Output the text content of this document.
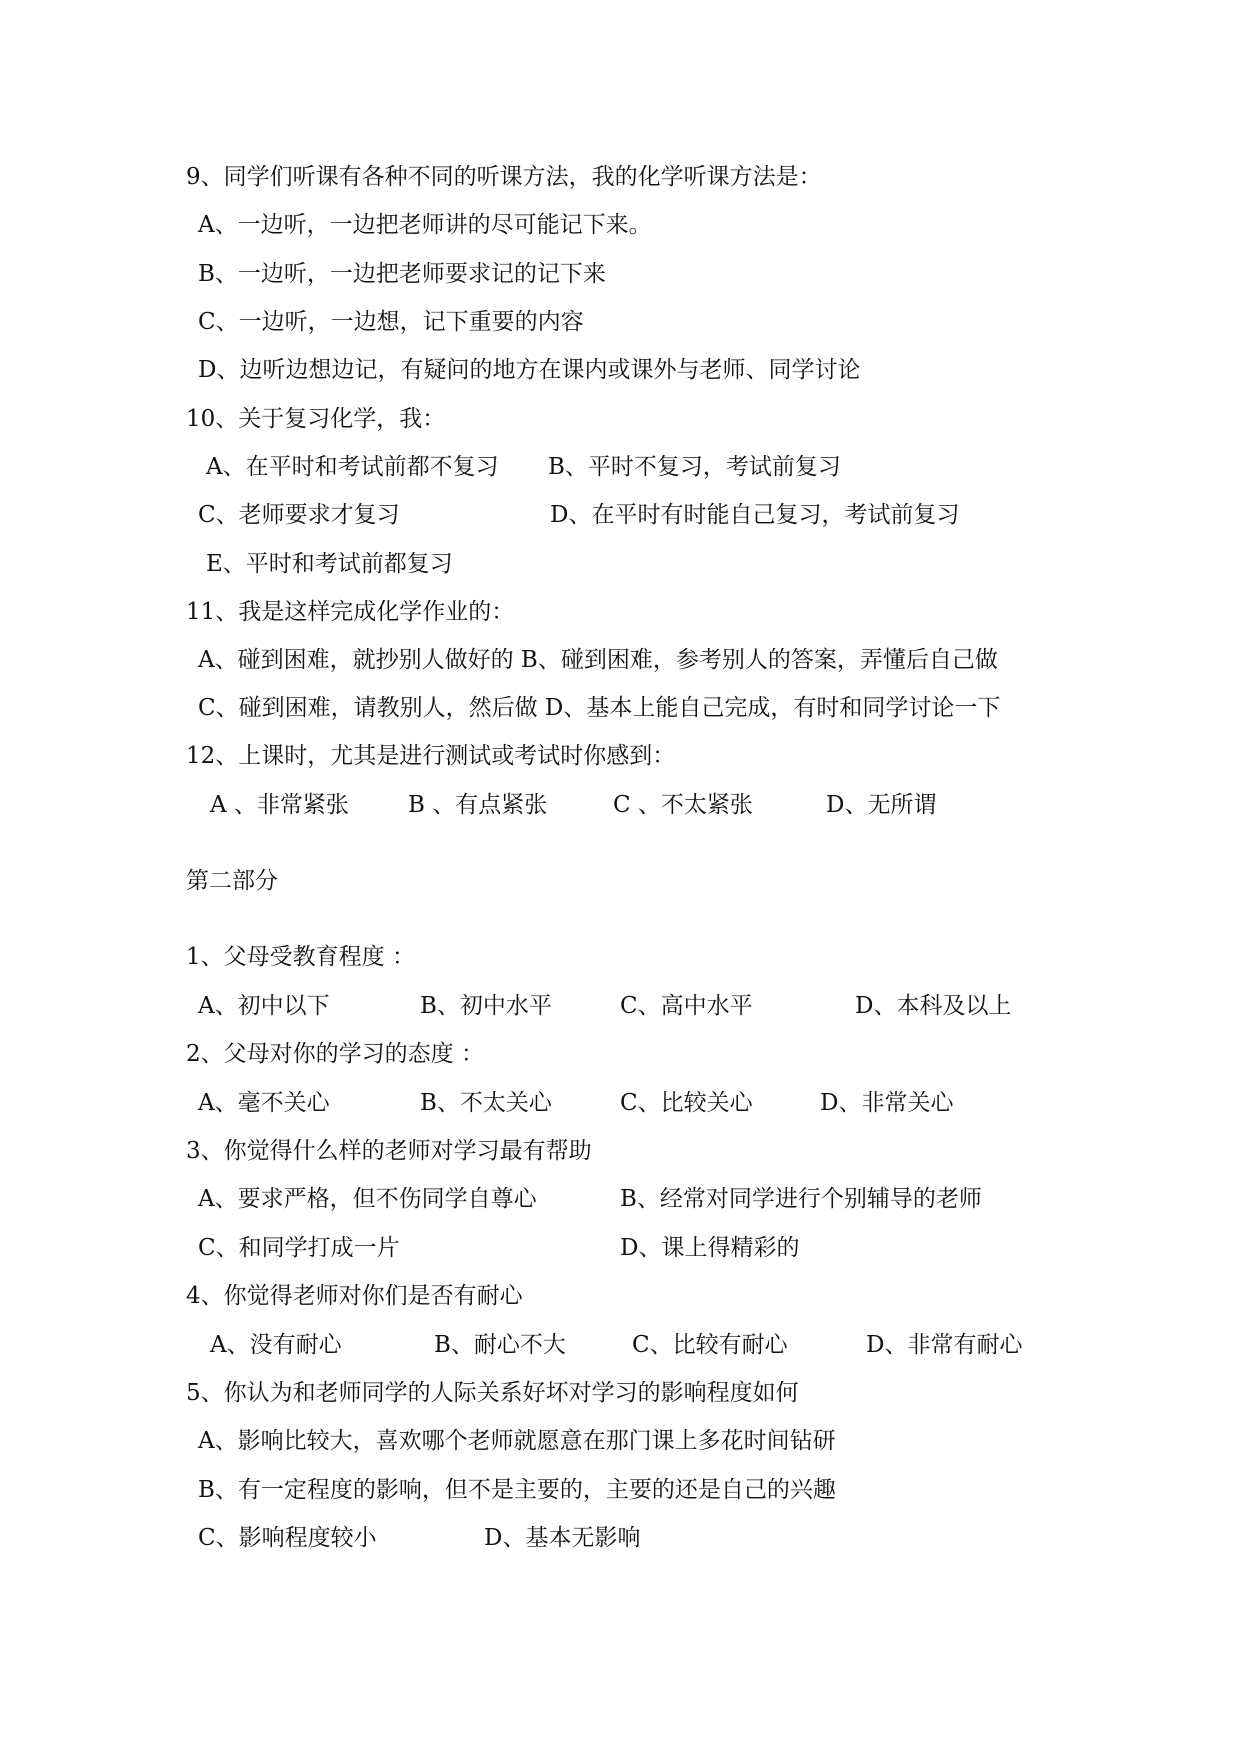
9、同学们听课有各种不同的听课方法，我的化学听课方法是：
A、一边听，一边把老师讲的尽可能记下来。
B、一边听，一边把老师要求记的记下来
C、一边听，一边想，记下重要的内容
D、边听边想边记，有疑问的地方在课内或课外与老师、同学讨论
10、关于复习化学，我：
A、在平时和考试前都不复习 B、平时不复习，考试前复习
C、老师要求才复习	D、在平时有时能自己复习，考试前复习
E、平时和考试前都复习
11、我是这样完成化学作业的：
A、碰到困难，就抄别人做好的 B、碰到困难，参考别人的答案，弄懂后自己做
C、碰到困难，请教别人，然后做 D、基本上能自己完成，有时和同学讨论一下
12、上课时，尤其是进行测试或考试时你感到：
A 、非常紧张	B 、有点紧张	C 、不太紧张	D、无所谓
第二部分
1、父母受教育程度 ：
A、初中以下	B、初中水平	C、高中水平	D、本科及以上
2、父母对你的学习的态度 ：
A、毫不关心	B、不太关心	C、比较关心	D、非常关心
3、你觉得什么样的老师对学习最有帮助
A、要求严格，但不伤同学自尊心	B、经常对同学进行个别辅导的老师
C、和同学打成一片	D、课上得精彩的
4、你觉得老师对你们是否有耐心
A、没有耐心	B、耐心不大	C、比较有耐心	D、非常有耐心
5、你认为和老师同学的人际关系好坏对学习的影响程度如何
A、影响比较大，喜欢哪个老师就愿意在那门课上多花时间钻研
B、有一定程度的影响，但不是主要的，主要的还是自己的兴趣
C、影响程度较小	D、基本无影响
